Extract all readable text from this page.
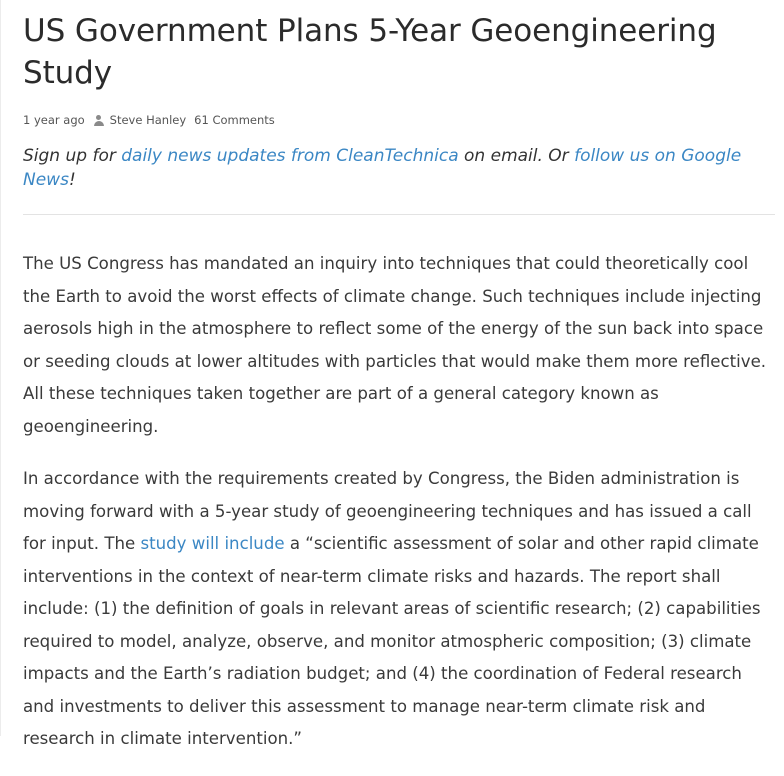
US Government Plans 5-Year Geoengineering Study
1 year ago Steve Hanley 61 Comments
Sign up for daily news updates from CleanTechnica on email. Or follow us on Google News!

The US Congress has mandated an inquiry into techniques that could theoretically cool the Earth to avoid the worst effects of climate change. Such techniques include injecting aerosols high in the atmosphere to reflect some of the energy of the sun back into space or seeding clouds at lower altitudes with particles that would make them more reflective. All these techniques taken together are part of a general category known as geoengineering.

In accordance with the requirements created by Congress, the Biden administration is moving forward with a 5-year study of geoengineering techniques and has issued a call for input. The study will include a “scientific assessment of solar and other rapid climate interventions in the context of near-term climate risks and hazards. The report shall include: (1) the definition of goals in relevant areas of scientific research; (2) capabilities required to model, analyze, observe, and monitor atmospheric composition; (3) climate impacts and the Earth’s radiation budget; and (4) the coordination of Federal research and investments to deliver this assessment to manage near-term climate risk and research in climate intervention.”
